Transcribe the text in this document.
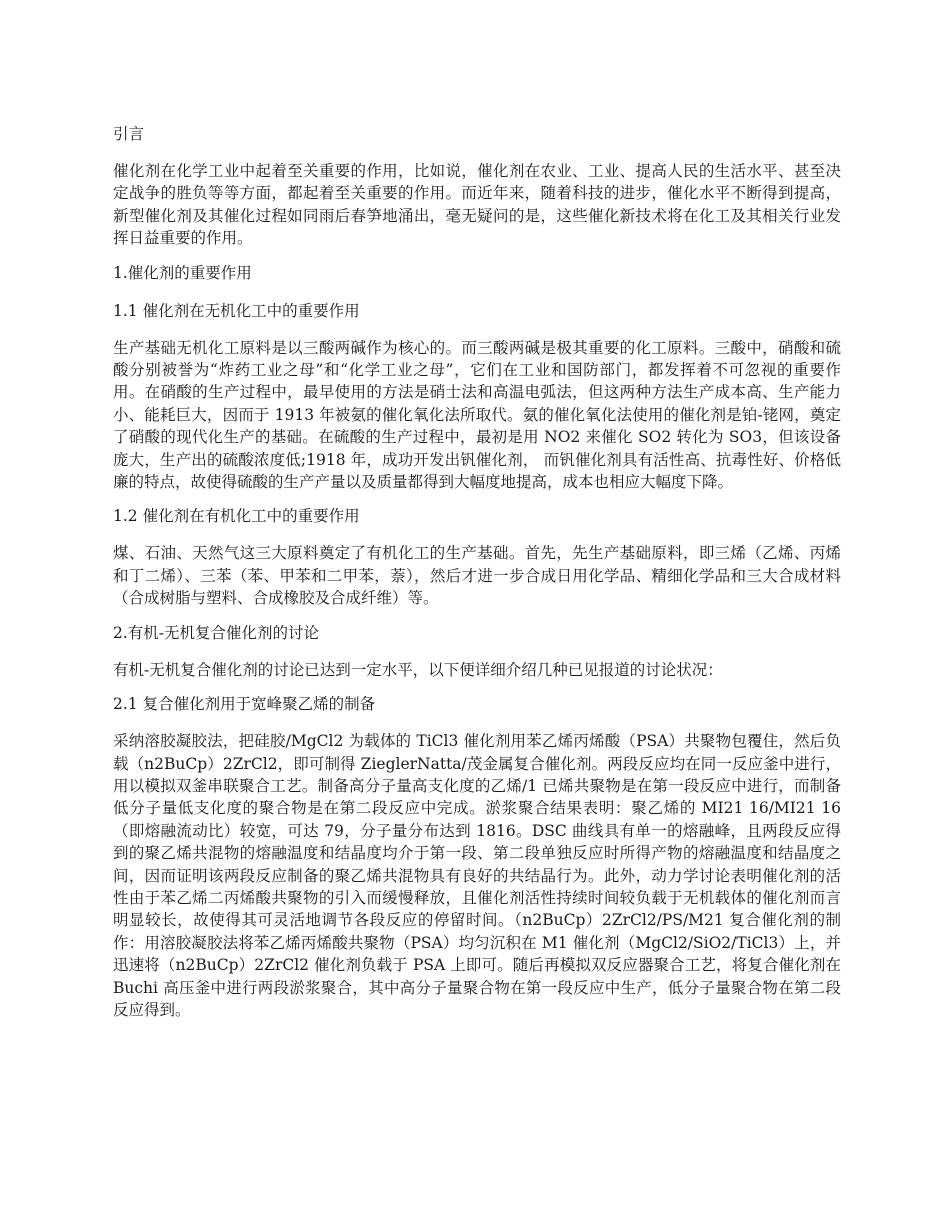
引言

催化剂在化学工业中起着至关重要的作用，比如说，催化剂在农业、工业、提高人民的生活水平、甚至决定战争的胜负等等方面，都起着至关重要的作用。而近年来，随着科技的进步，催化水平不断得到提高，新型催化剂及其催化过程如同雨后春笋地涌出，毫无疑问的是，这些催化新技术将在化工及其相关行业发挥日益重要的作用。

1.催化剂的重要作用
1.1 催化剂在无机化工中的重要作用

生产基础无机化工原料是以三酸两碱作为核心的。而三酸两碱是极其重要的化工原料。三酸中，硝酸和硫酸分别被誉为“炸药工业之母”和“化学工业之母”，它们在工业和国防部门，都发挥着不可忽视的重要作用。在硝酸的生产过程中，最早使用的方法是硝士法和高温电弧法，但这两种方法生产成本高、生产能力小、能耗巨大，因而于 1913 年被氨的催化氧化法所取代。氨的催化氧化法使用的催化剂是铂-铑网，奠定了硝酸的现代化生产的基础。在硫酸的生产过程中，最初是用 NO2 来催化 SO2 转化为 SO3，但该设备庞大，生产出的硫酸浓度低;1918 年，成功开发出钒催化剂， 而钒催化剂具有活性高、抗毒性好、价格低廉的特点，故使得硫酸的生产产量以及质量都得到大幅度地提高，成本也相应大幅度下降。

1.2 催化剂在有机化工中的重要作用

煤、石油、天然气这三大原料奠定了有机化工的生产基础。首先，先生产基础原料，即三烯（乙烯、丙烯和丁二烯）、三苯（苯、甲苯和二甲苯，萘），然后才进一步合成日用化学品、精细化学品和三大合成材料（合成树脂与塑料、合成橡胶及合成纤维）等。

2.有机-无机复合催化剂的讨论

有机-无机复合催化剂的讨论已达到一定水平，以下便详细介绍几种已见报道的讨论状况：

2.1 复合催化剂用于宽峰聚乙烯的制备

采纳溶胶凝胶法，把硅胶/MgCl2 为载体的 TiCl3 催化剂用苯乙烯丙烯酸（PSA）共聚物包覆住，然后负载（n2BuCp）2ZrCl2，即可制得 ZieglerNatta/茂金属复合催化剂。两段反应均在同一反应釜中进行，用以模拟双釜串联聚合工艺。制备高分子量高支化度的乙烯/1 已烯共聚物是在第一段反应中进行，而制备低分子量低支化度的聚合物是在第二段反应中完成。淤浆聚合结果表明：聚乙烯的 MI21 16/MI21 16（即熔融流动比）较宽，可达 79，分子量分布达到 1816。DSC 曲线具有单一的熔融峰，且两段反应得到的聚乙烯共混物的熔融温度和结晶度均介于第一段、第二段单独反应时所得产物的熔融温度和结晶度之间，因而证明该两段反应制备的聚乙烯共混物具有良好的共结晶行为。此外，动力学讨论表明催化剂的活性由于苯乙烯二丙烯酸共聚物的引入而缓慢释放，且催化剂活性持续时间较负载于无机载体的催化剂而言明显较长，故使得其可灵活地调节各段反应的停留时间。（n2BuCp）2ZrCl2/PS/M21 复合催化剂的制作：用溶胶凝胶法将苯乙烯丙烯酸共聚物（PSA）均匀沉积在 M1 催化剂（MgCl2/SiO2/TiCl3）上，并迅速将（n2BuCp）2ZrCl2 催化剂负载于 PSA 上即可。随后再模拟双反应器聚合工艺，将复合催化剂在 Buchi 高压釜中进行两段淤浆聚合，其中高分子量聚合物在第一段反应中生产，低分子量聚合物在第二段反应得到。
